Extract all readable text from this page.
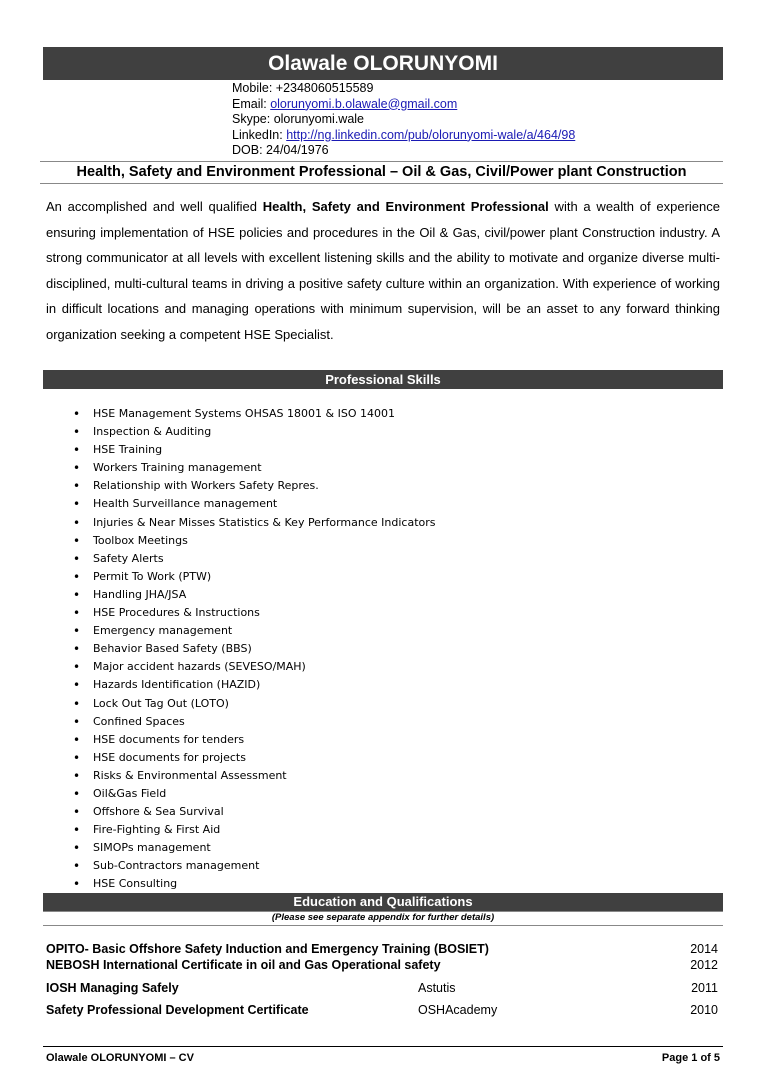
Olawale OLORUNYOMI
Mobile: +2348060515589
Email: olorunyomi.b.olawale@gmail.com
Skype: olorunyomi.wale
LinkedIn: http://ng.linkedin.com/pub/olorunyomi-wale/a/464/98
DOB: 24/04/1976
Health, Safety and Environment Professional – Oil & Gas, Civil/Power plant Construction
An accomplished and well qualified Health, Safety and Environment Professional with a wealth of experience ensuring implementation of HSE policies and procedures in the Oil & Gas, civil/power plant Construction industry. A strong communicator at all levels with excellent listening skills and the ability to motivate and organize diverse multi-disciplined, multi-cultural teams in driving a positive safety culture within an organization. With experience of working in difficult locations and managing operations with minimum supervision, will be an asset to any forward thinking organization seeking a competent HSE Specialist.
Professional Skills
• HSE Management Systems OHSAS 18001 & ISO 14001
• Inspection & Auditing
• HSE Training
• Workers Training management
• Relationship with Workers Safety Repres.
• Health Surveillance management
• Injuries & Near Misses Statistics & Key Performance Indicators
• Toolbox Meetings
• Safety Alerts
• Permit To Work (PTW)
• Handling JHA/JSA
• HSE Procedures & Instructions
• Emergency management
• Behavior Based Safety (BBS)
• Major accident hazards (SEVESO/MAH)
• Hazards Identification (HAZID)
• Lock Out Tag Out (LOTO)
• Confined Spaces
• HSE documents for tenders
• HSE documents for projects
• Risks & Environmental Assessment
• Oil&Gas Field
• Offshore & Sea Survival
• Fire-Fighting & First Aid
• SIMOPs management
• Sub-Contractors management
• HSE Consulting
Education and Qualifications
(Please see separate appendix for further details)
OPITO- Basic Offshore Safety Induction and Emergency Training (BOSIET)	2014
NEBOSH International Certificate in oil and Gas Operational safety	2012
IOSH Managing Safely	Astutis	2011
Safety Professional Development Certificate	OSHAcademy	2010
Olawale OLORUNYOMI – CV	Page 1 of 5
